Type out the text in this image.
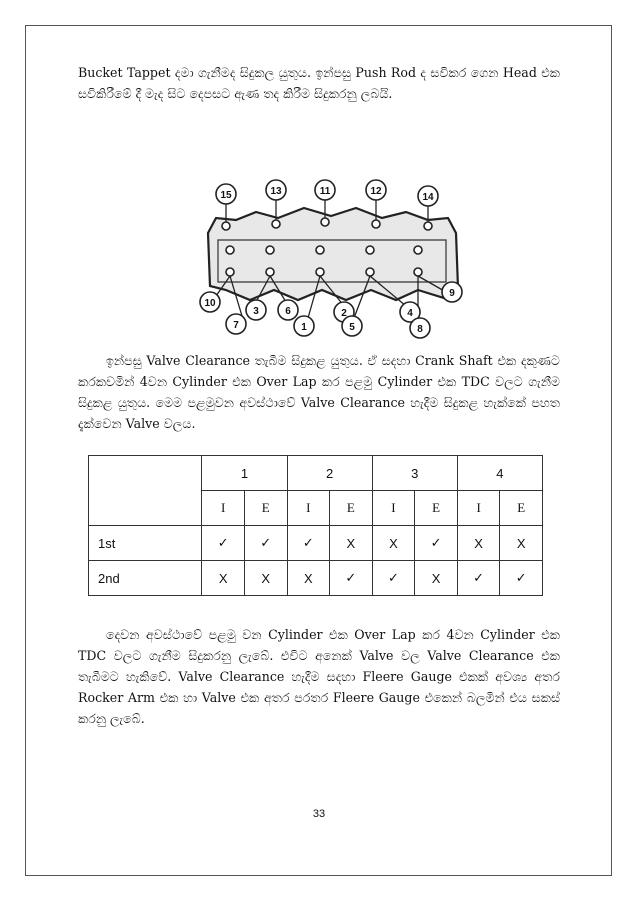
Bucket Tappet දමා ගැනීමද සිදුකල යුතුය. ඉන්පසු Push Rod ද සවිකර ගෙන Head එක සවිකිරීමේ දී මැද සිට දෙපසට ඇණ තද කිරීම සිදුකරනු ලබයි.

15	13	11	12
14
10
3	6
1
2
5
4
9
7	8

ඉන්පසු Valve Clearance තැබීම සිදුකළ යුතුය. ඒ සදහා Crank Shaft එක දකුණට කරකවමින් 4වන Cylinder එක Over Lap කර පළමු Cylinder එක TDC වලට ගැනීම සිදුකළ යුතුය. මෙම පළමුවන අවස්ථාවේ Valve Clearance හැදීම සිදුකළ හැක්කේ පහත දැක්වෙන Valve වලය.

	1		2		3		4	
	I	E	I	E	I	E	I	E
1st	✓	✓	✓	X	X	✓	X	X
2nd	X	X	X	✓	✓	X	✓	✓

දෙවන අවස්ථාවේ පළමු වන Cylinder එක Over Lap කර 4වන Cylinder එක TDC වලට ගැනීම සිදුකරනු ලැබේ. එවිට අනෙක් Valve වල Valve Clearance එක තැබීමට හැකිවේ. Valve Clearance හැදීම සදහා Fleere Gauge එකක් අවශ්‍ය අතර Rocker Arm එක හා Valve එක අතර පරතර Fleere Gauge එකෙන් බලමින් එය සකස් කරනු ලැබේ.

33
